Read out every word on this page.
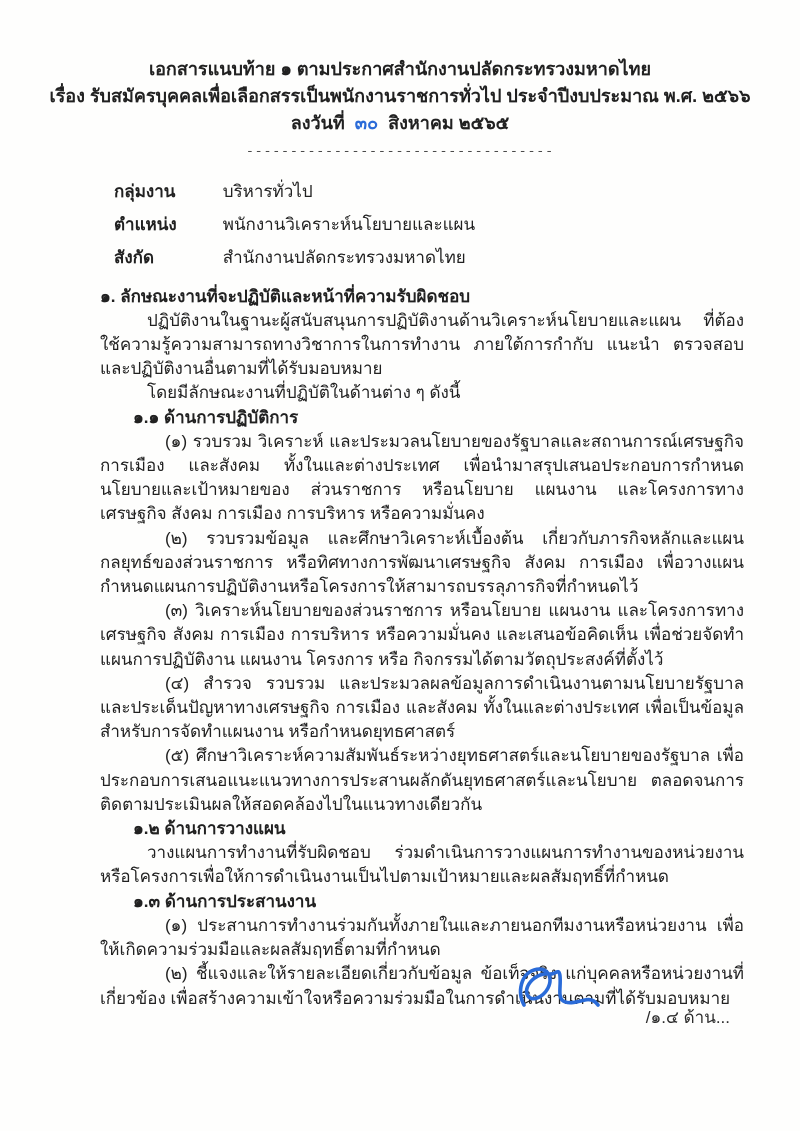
เอกสารแนบท้าย ๑ ตามประกาศสำนักงานปลัดกระทรวงมหาดไทย
เรื่อง รับสมัครบุคคลเพื่อเลือกสรรเป็นพนักงานราชการทั่วไป ประจำปีงบประมาณ พ.ศ. ๒๕๖๖
ลงวันที่ ๓๐ สิงหาคม ๒๕๖๕
-----------------------------------
กลุ่มงาน	บริหารทั่วไป
ตำแหน่ง	พนักงานวิเคราะห์นโยบายและแผน
สังกัด	สำนักงานปลัดกระทรวงมหาดไทย
๑. ลักษณะงานที่จะปฏิบัติและหน้าที่ความรับผิดชอบ
ปฏิบัติงานในฐานะผู้สนับสนุนการปฏิบัติงานด้านวิเคราะห์นโยบายและแผน ที่ต้องใช้ความรู้ความสามารถทางวิชาการในการทำงาน ภายใต้การกำกับ แนะนำ ตรวจสอบ และปฏิบัติงานอื่นตามที่ได้รับมอบหมาย
โดยมีลักษณะงานที่ปฏิบัติในด้านต่าง ๆ ดังนี้
๑.๑ ด้านการปฏิบัติการ
(๑) รวบรวม วิเคราะห์ และประมวลนโยบายของรัฐบาลและสถานการณ์เศรษฐกิจ การเมือง และสังคม ทั้งในและต่างประเทศ เพื่อนำมาสรุปเสนอประกอบการกำหนดนโยบายและเป้าหมายของ ส่วนราชการ หรือนโยบาย แผนงาน และโครงการทางเศรษฐกิจ สังคม การเมือง การบริหาร หรือความมั่นคง
(๒) รวบรวมข้อมูล และศึกษาวิเคราะห์เบื้องต้น เกี่ยวกับภารกิจหลักและแผนกลยุทธ์ของส่วนราชการ หรือทิศทางการพัฒนาเศรษฐกิจ สังคม การเมือง เพื่อวางแผนกำหนดแผนการปฏิบัติงานหรือโครงการให้สามารถบรรลุภารกิจที่กำหนดไว้
(๓) วิเคราะห์นโยบายของส่วนราชการ หรือนโยบาย แผนงาน และโครงการทางเศรษฐกิจ สังคม การเมือง การบริหาร หรือความมั่นคง และเสนอข้อคิดเห็น เพื่อช่วยจัดทำแผนการปฏิบัติงาน แผนงาน โครงการ หรือ กิจกรรมได้ตามวัตถุประสงค์ที่ตั้งไว้
(๔) สำรวจ รวบรวม และประมวลผลข้อมูลการดำเนินงานตามนโยบายรัฐบาลและประเด็นปัญหาทางเศรษฐกิจ การเมือง และสังคม ทั้งในและต่างประเทศ เพื่อเป็นข้อมูลสำหรับการจัดทำแผนงาน หรือกำหนดยุทธศาสตร์
(๕) ศึกษาวิเคราะห์ความสัมพันธ์ระหว่างยุทธศาสตร์และนโยบายของรัฐบาล เพื่อประกอบการเสนอแนะแนวทางการประสานผลักดันยุทธศาสตร์และนโยบาย ตลอดจนการติดตามประเมินผลให้สอดคล้องไปในแนวทางเดียวกัน
๑.๒ ด้านการวางแผน
วางแผนการทำงานที่รับผิดชอบ ร่วมดำเนินการวางแผนการทำงานของหน่วยงานหรือโครงการเพื่อให้การดำเนินงานเป็นไปตามเป้าหมายและผลสัมฤทธิ์ที่กำหนด
๑.๓ ด้านการประสานงาน
(๑) ประสานการทำงานร่วมกันทั้งภายในและภายนอกทีมงานหรือหน่วยงาน เพื่อให้เกิดความร่วมมือและผลสัมฤทธิ์ตามที่กำหนด
(๒) ชี้แจงและให้รายละเอียดเกี่ยวกับข้อมูล ข้อเท็จจริง แก่บุคคลหรือหน่วยงานที่เกี่ยวข้อง เพื่อสร้างความเข้าใจหรือความร่วมมือในการดำเนินงานตามที่ได้รับมอบหมาย
/๑.๔ ด้าน...
